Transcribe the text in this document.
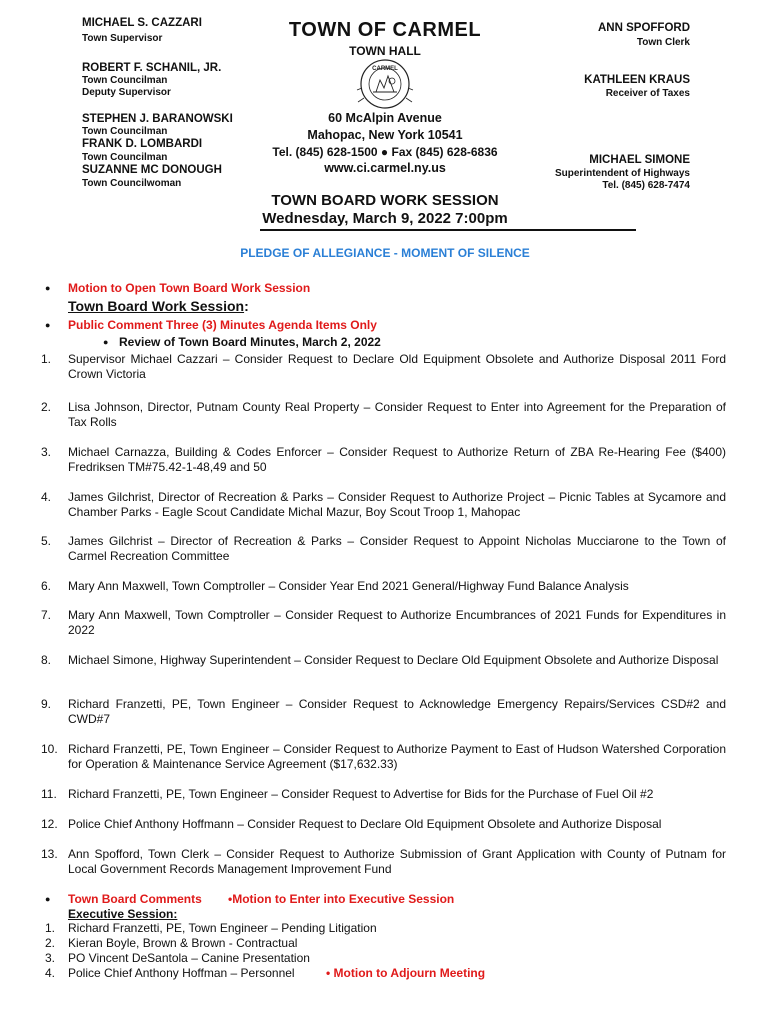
MICHAEL S. CAZZARI
Town Supervisor
ROBERT F. SCHANIL, JR.
Town Councilman
Deputy Supervisor
STEPHEN J. BARANOWSKI
Town Councilman
FRANK D. LOMBARDI
Town Councilman
SUZANNE MC DONOUGH
Town Councilwoman
TOWN OF CARMEL
TOWN HALL
CARMEL
60 McAlpin Avenue
Mahopac, New York 10541
Tel. (845) 628-1500 ● Fax (845) 628-6836
www.ci.carmel.ny.us
ANN SPOFFORD
Town Clerk
KATHLEEN KRAUS
Receiver of Taxes
MICHAEL SIMONE
Superintendent of Highways
Tel. (845) 628-7474
TOWN BOARD WORK SESSION
Wednesday, March 9, 2022 7:00pm
PLEDGE OF ALLEGIANCE - MOMENT OF SILENCE
● Motion to Open Town Board Work Session
Town Board Work Session:
● Public Comment Three (3) Minutes Agenda Items Only
● Review of Town Board Minutes, March 2, 2022
1.	Supervisor Michael Cazzari – Consider Request to Declare Old Equipment Obsolete and Authorize Disposal 2011 Ford Crown Victoria
2.	Lisa Johnson, Director, Putnam County Real Property – Consider Request to Enter into Agreement for the Preparation of Tax Rolls
3.	Michael Carnazza, Building & Codes Enforcer – Consider Request to Authorize Return of ZBA Re-Hearing Fee ($400) Fredriksen TM#75.42-1-48,49 and 50
4.	James Gilchrist, Director of Recreation & Parks – Consider Request to Authorize Project – Picnic Tables at Sycamore and Chamber Parks - Eagle Scout Candidate Michal Mazur, Boy Scout Troop 1, Mahopac
5.	James Gilchrist – Director of Recreation & Parks – Consider Request to Appoint Nicholas Mucciarone to the Town of Carmel Recreation Committee
6.	Mary Ann Maxwell, Town Comptroller – Consider Year End 2021 General/Highway Fund Balance Analysis
7.	Mary Ann Maxwell, Town Comptroller – Consider Request to Authorize Encumbrances of 2021 Funds for Expenditures in 2022
8.	Michael Simone, Highway Superintendent – Consider Request to Declare Old Equipment Obsolete and Authorize Disposal
9.	Richard Franzetti, PE, Town Engineer – Consider Request to Acknowledge Emergency Repairs/Services CSD#2 and CWD#7
10. Richard Franzetti, PE, Town Engineer – Consider Request to Authorize Payment to East of Hudson Watershed Corporation for Operation & Maintenance Service Agreement ($17,632.33)
11. Richard Franzetti, PE, Town Engineer – Consider Request to Advertise for Bids for the Purchase of Fuel Oil #2
12. Police Chief Anthony Hoffmann – Consider Request to Declare Old Equipment Obsolete and Authorize Disposal
13. Ann Spofford, Town Clerk – Consider Request to Authorize Submission of Grant Application with County of Putnam for Local Government Records Management Improvement Fund
● Town Board Comments •Motion to Enter into Executive Session
Executive Session:
1. Richard Franzetti, PE, Town Engineer – Pending Litigation
2. Kieran Boyle, Brown & Brown - Contractual
3. PO Vincent DeSantola – Canine Presentation
4. Police Chief Anthony Hoffman – Personnel	• Motion to Adjourn Meeting
